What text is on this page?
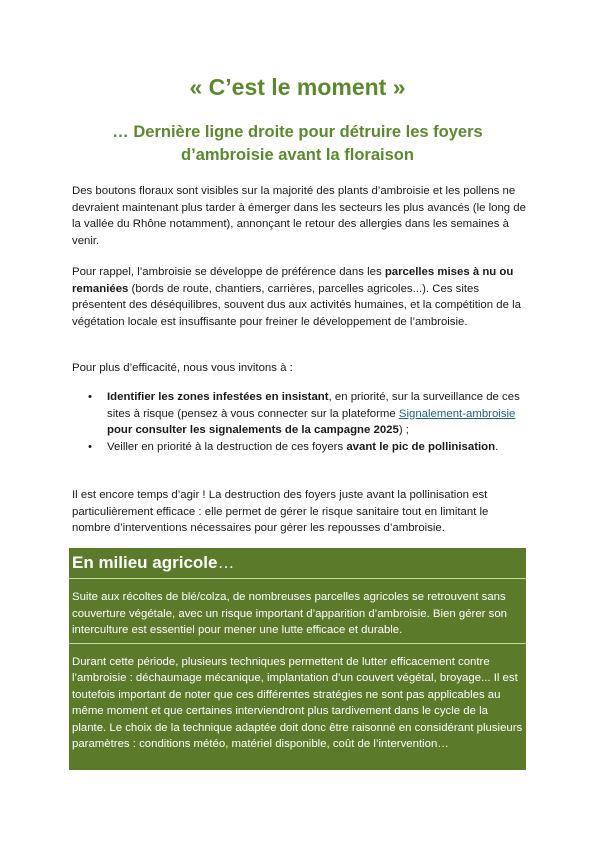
« C’est le moment »
… Dernière ligne droite pour détruire les foyers
d’ambroisie avant la floraison

Des boutons floraux sont visibles sur la majorité des plants d’ambroisie et les pollens ne devraient maintenant plus tarder à émerger dans les secteurs les plus avancés (le long de la vallée du Rhône notamment), annonçant le retour des allergies dans les semaines à venir.

Pour rappel, l’ambroisie se développe de préférence dans les parcelles mises à nu ou remaniées (bords de route, chantiers, carrières, parcelles agricoles...). Ces sites présentent des déséquilibres, souvent dus aux activités humaines, et la compétition de la végétation locale est insuffisante pour freiner le développement de l’ambroisie.

Pour plus d’efficacité, nous vous invitons à :

• Identifier les zones infestées en insistant, en priorité, sur la surveillance de ces sites à risque (pensez à vous connecter sur la plateforme Signalement-ambroisie pour consulter les signalements de la campagne 2025) ;
• Veiller en priorité à la destruction de ces foyers avant le pic de pollinisation.

Il est encore temps d’agir ! La destruction des foyers juste avant la pollinisation est particulièrement efficace : elle permet de gérer le risque sanitaire tout en limitant le nombre d’interventions nécessaires pour gérer les repousses d’ambroisie.

En milieu agricole…
Suite aux récoltes de blé/colza, de nombreuses parcelles agricoles se retrouvent sans couverture végétale, avec un risque important d’apparition d’ambroisie. Bien gérer son interculture est essentiel pour mener une lutte efficace et durable.
Durant cette période, plusieurs techniques permettent de lutter efficacement contre l’ambroisie : déchaumage mécanique, implantation d’un couvert végétal, broyage... Il est toutefois important de noter que ces différentes stratégies ne sont pas applicables au même moment et que certaines interviendront plus tardivement dans le cycle de la plante. Le choix de la technique adaptée doit donc être raisonné en considérant plusieurs paramètres : conditions météo, matériel disponible, coût de l’intervention…
